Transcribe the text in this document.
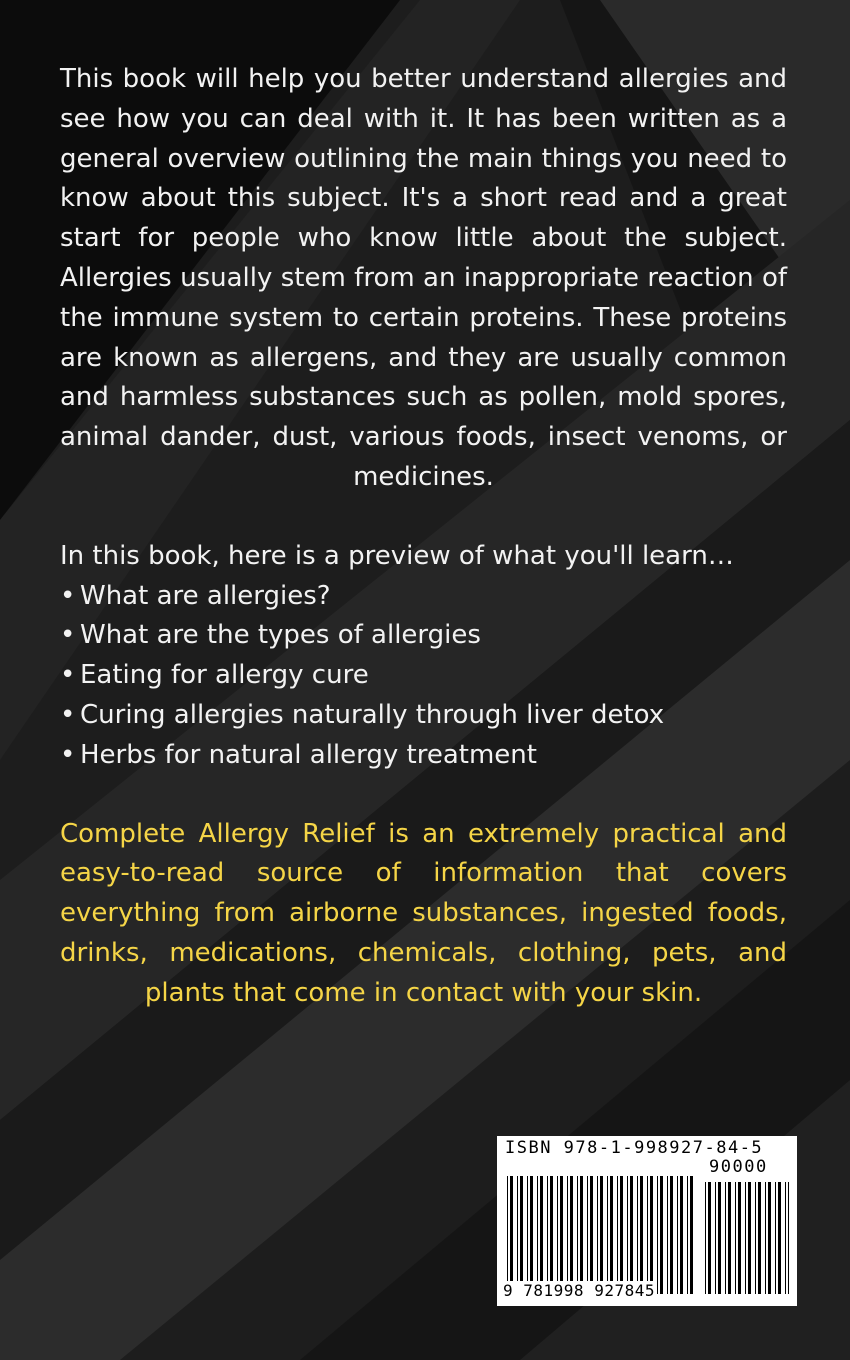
This book will help you better understand allergies and see how you can deal with it. It has been written as a general overview outlining the main things you need to know about this subject. It's a short read and a great start for people who know little about the subject. Allergies usually stem from an inappropriate reaction of the immune system to certain proteins. These proteins are known as allergens, and they are usually common and harmless substances such as pollen, mold spores, animal dander, dust, various foods, insect venoms, or medicines.

In this book, here is a preview of what you'll learn…
• What are allergies?
• What are the types of allergies
• Eating for allergy cure
• Curing allergies naturally through liver detox
• Herbs for natural allergy treatment

Complete Allergy Relief is an extremely practical and easy-to-read source of information that covers everything from airborne substances, ingested foods, drinks, medications, chemicals, clothing, pets, and plants that come in contact with your skin.

ISBN 978-1-998927-84-5
90000
9 781998 927845
